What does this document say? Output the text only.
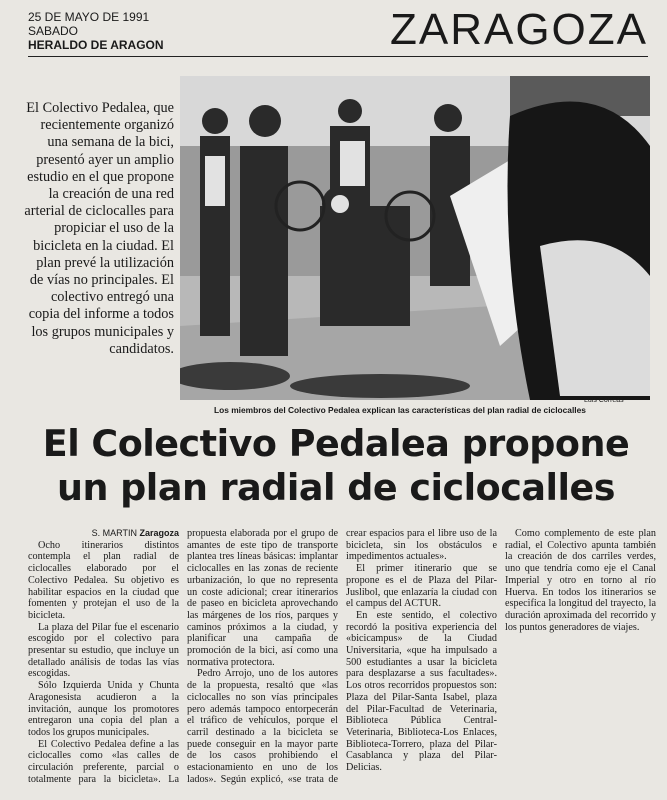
25 DE MAYO DE 1991
SABADO
HERALDO DE ARAGON	ZARAGOZA
El Colectivo Pedalea, que recientemente organizó una semana de la bici, presentó ayer un amplio estudio en el que propone la creación de una red arterial de ciclocalles para propiciar el uso de la bicicleta en la ciudad. El plan prevé la utilización de vías no principales. El colectivo entregó una copia del informe a todos los grupos municipales y candidatos.
Luis Correas
Los miembros del Colectivo Pedalea explican las características del plan radial de ciclocalles
El Colectivo Pedalea propone
un plan radial de ciclocalles

S. MARTIN Zaragoza

Ocho itinerarios distintos contempla el plan radial de ciclocalles elaborado por el Colectivo Pedalea. Su objetivo es habilitar espacios en la ciudad que fomenten y protejan el uso de la bicicleta.

La plaza del Pilar fue el escenario escogido por el colectivo para presentar su estudio, que incluye un detallado análisis de todas las vías escogidas.

Sólo Izquierda Unida y Chunta Aragonesista acudieron a la invitación, aunque los promotores entregaron una copia del plan a todos los grupos municipales.

El Colectivo Pedalea define a las ciclocalles como «las calles de circulación preferente, parcial o totalmente para la bicicleta». La propuesta elaborada por el grupo de amantes de este tipo de transporte plantea tres líneas básicas: implantar ciclocalles en las zonas de reciente urbanización, lo que no representa un coste adicional; crear itinerarios de paseo en bicicleta aprovechando las márgenes de los ríos, parques y caminos próximos a la ciudad, y planificar una campaña de promoción de la bici, así como una normativa protectora.

Pedro Arrojo, uno de los autores de la propuesta, resaltó que «las ciclocalles no son vías principales pero además tampoco entorpecerán el tráfico de vehículos, porque el carril destinado a la bicicleta se puede conseguir en la mayor parte de los casos prohibiendo el estacionamiento en uno de los lados». Según explicó, «se trata de crear espacios para el libre uso de la bicicleta, sin los obstáculos e impedimentos actuales».

El primer itinerario que se propone es el de Plaza del Pilar-Juslibol, que enlazaría la ciudad con el campus del ACTUR.

En este sentido, el colectivo recordó la positiva experiencia del «bicicampus» de la Ciudad Universitaria, «que ha impulsado a 500 estudiantes a usar la bicicleta para desplazarse a sus facultades». Los otros recorridos propuestos son: Plaza del Pilar-Santa Isabel, plaza del Pilar-Facultad de Veterinaria, Biblioteca Pública Central-Veterinaria, Biblioteca-Los Enlaces, Biblioteca-Torrero, plaza del Pilar-Casablanca y plaza del Pilar-Delicias.

Como complemento de este plan radial, el Colectivo apunta también la creación de dos carriles verdes, uno que tendría como eje el Canal Imperial y otro en torno al río Huerva. En todos los itinerarios se especifica la longitud del trayecto, la duración aproximada del recorrido y los puntos generadores de viajes.
